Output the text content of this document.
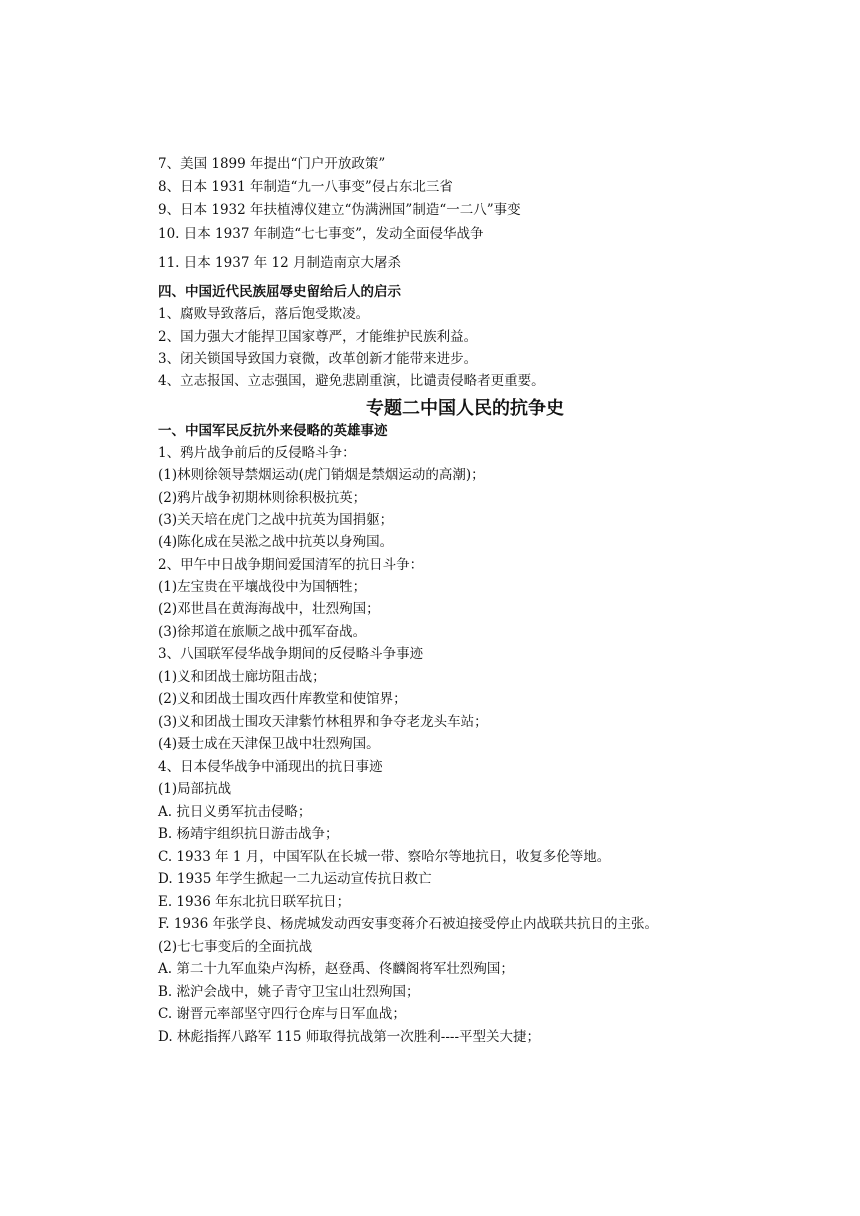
7、美国 1899 年提出“门户开放政策”
8、日本 1931 年制造“九一八事变”侵占东北三省
9、日本 1932 年扶植溥仪建立“伪满洲国”制造“一二八”事变
10. 日本 1937 年制造“七七事变”，发动全面侵华战争
11. 日本 1937 年 12 月制造南京大屠杀
四、中国近代民族屈辱史留给后人的启示
1、腐败导致落后，落后饱受欺凌。
2、国力强大才能捍卫国家尊严，才能维护民族利益。
3、闭关锁国导致国力衰微，改革创新才能带来进步。
4、立志报国、立志强国，避免悲剧重演，比谴责侵略者更重要。
专题二中国人民的抗争史
一、中国军民反抗外来侵略的英雄事迹
1、鸦片战争前后的反侵略斗争：
(1)林则徐领导禁烟运动(虎门销烟是禁烟运动的高潮)；
(2)鸦片战争初期林则徐积极抗英；
(3)关天培在虎门之战中抗英为国捐躯；
(4)陈化成在吴淞之战中抗英以身殉国。
2、甲午中日战争期间爱国清军的抗日斗争：
(1)左宝贵在平壤战役中为国牺牲；
(2)邓世昌在黄海海战中，壮烈殉国；
(3)徐邦道在旅顺之战中孤军奋战。
3、八国联军侵华战争期间的反侵略斗争事迹
(1)义和团战士廊坊阻击战；
(2)义和团战士围攻西什库教堂和使馆界；
(3)义和团战士围攻天津紫竹林租界和争夺老龙头车站；
(4)聂士成在天津保卫战中壮烈殉国。
4、日本侵华战争中涌现出的抗日事迹
(1)局部抗战
A. 抗日义勇军抗击侵略；
B. 杨靖宇组织抗日游击战争；
C. 1933 年 1 月，中国军队在长城一带、察哈尔等地抗日，收复多伦等地。
D. 1935 年学生掀起一二九运动宣传抗日救亡
E. 1936 年东北抗日联军抗日；
F. 1936 年张学良、杨虎城发动西安事变蒋介石被迫接受停止内战联共抗日的主张。
(2)七七事变后的全面抗战
A. 第二十九军血染卢沟桥，赵登禹、佟麟阁将军壮烈殉国；
B. 淞沪会战中，姚子青守卫宝山壮烈殉国；
C. 谢晋元率部坚守四行仓库与日军血战；
D. 林彪指挥八路军 115 师取得抗战第一次胜利----平型关大捷；
